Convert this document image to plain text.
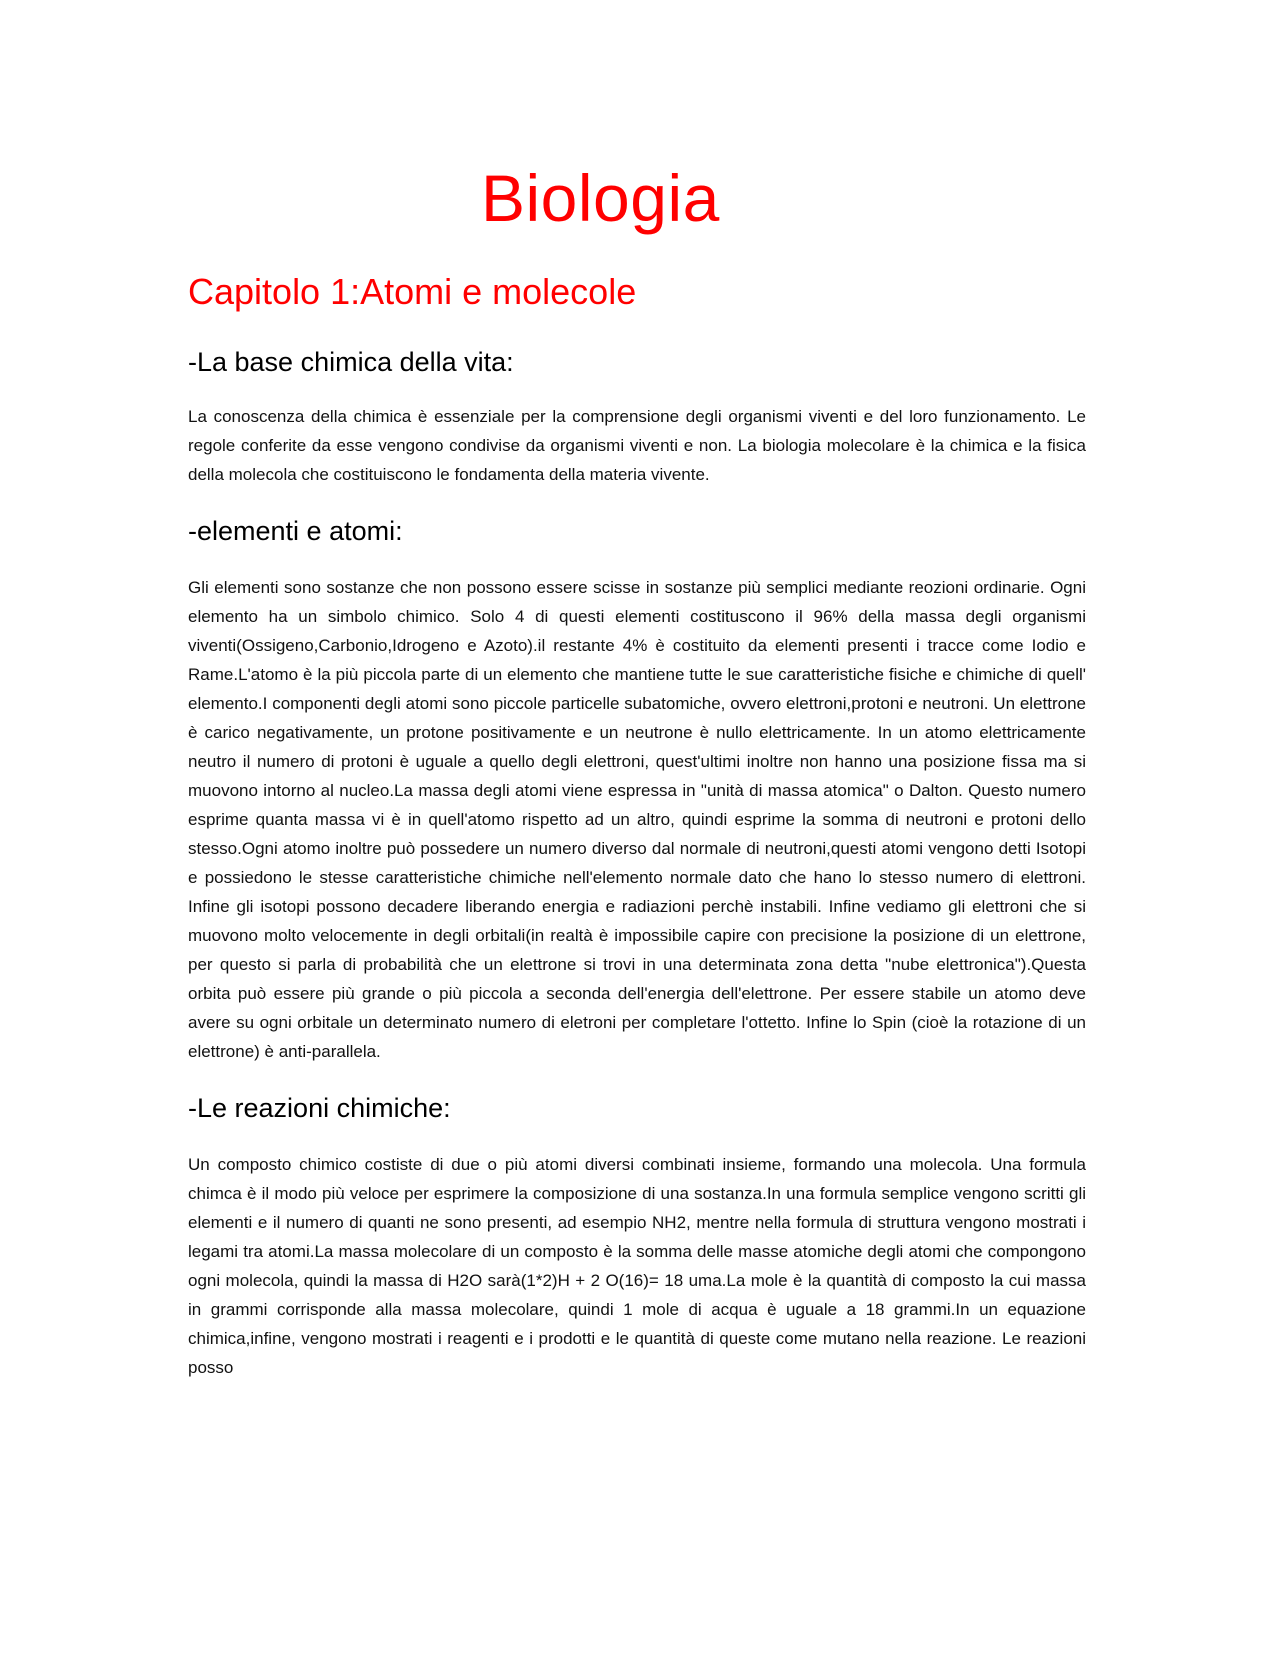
Biologia
Capitolo 1:Atomi e molecole
-La base chimica della vita:

La conoscenza della chimica è essenziale per la comprensione degli organismi viventi e del loro funzionamento. Le regole conferite da esse vengono condivise da organismi viventi e non. La biologia molecolare è la chimica e la fisica della molecola che costituiscono le fondamenta della materia vivente.

-elementi e atomi:

Gli elementi sono sostanze che non possono essere scisse in sostanze più semplici mediante reozioni ordinarie. Ogni elemento ha un simbolo chimico. Solo 4 di questi elementi costituscono il 96% della massa degli organismi viventi(Ossigeno,Carbonio,Idrogeno e Azoto).il restante 4% è costituito da elementi presenti i tracce come Iodio e Rame.L'atomo è la più piccola parte di un elemento che mantiene tutte le sue caratteristiche fisiche e chimiche di quell' elemento.I componenti degli atomi sono piccole particelle subatomiche, ovvero elettroni,protoni e neutroni. Un elettrone è carico negativamente, un protone positivamente e un neutrone è nullo elettricamente. In un atomo elettricamente neutro il numero di protoni è uguale a quello degli elettroni, quest'ultimi inoltre non hanno una posizione fissa ma si muovono intorno al nucleo.La massa degli atomi viene espressa in "unità di massa atomica" o Dalton. Questo numero esprime quanta massa vi è in quell'atomo rispetto ad un altro, quindi esprime la somma di neutroni e protoni dello stesso.Ogni atomo inoltre può possedere un numero diverso dal normale di neutroni,questi atomi vengono detti Isotopi e possiedono le stesse caratteristiche chimiche nell'elemento normale dato che hano lo stesso numero di elettroni. Infine gli isotopi possono decadere liberando energia e radiazioni perchè instabili. Infine vediamo gli elettroni che si muovono molto velocemente in degli orbitali(in realtà è impossibile capire con precisione la posizione di un elettrone, per questo si parla di probabilità che un elettrone si trovi in una determinata zona detta "nube elettronica").Questa orbita può essere più grande o più piccola a seconda dell'energia dell'elettrone. Per essere stabile un atomo deve avere su ogni orbitale un determinato numero di eletroni per completare l'ottetto. Infine lo Spin (cioè la rotazione di un elettrone) è anti-parallela.

-Le reazioni chimiche:

Un composto chimico costiste di due o più atomi diversi combinati insieme, formando una molecola. Una formula chimca è il modo più veloce per esprimere la composizione di una sostanza.In una formula semplice vengono scritti gli elementi e il numero di quanti ne sono presenti, ad esempio NH2, mentre nella formula di struttura vengono mostrati i legami tra atomi.La massa molecolare di un composto è la somma delle masse atomiche degli atomi che compongono ogni molecola, quindi la massa di H2O sarà(1*2)H + 2 O(16)= 18 uma.La mole è la quantità di composto la cui massa in grammi corrisponde alla massa molecolare, quindi 1 mole di acqua è uguale a 18 grammi.In un equazione chimica,infine, vengono mostrati i reagenti e i prodotti e le quantità di queste come mutano nella reazione. Le reazioni posso
